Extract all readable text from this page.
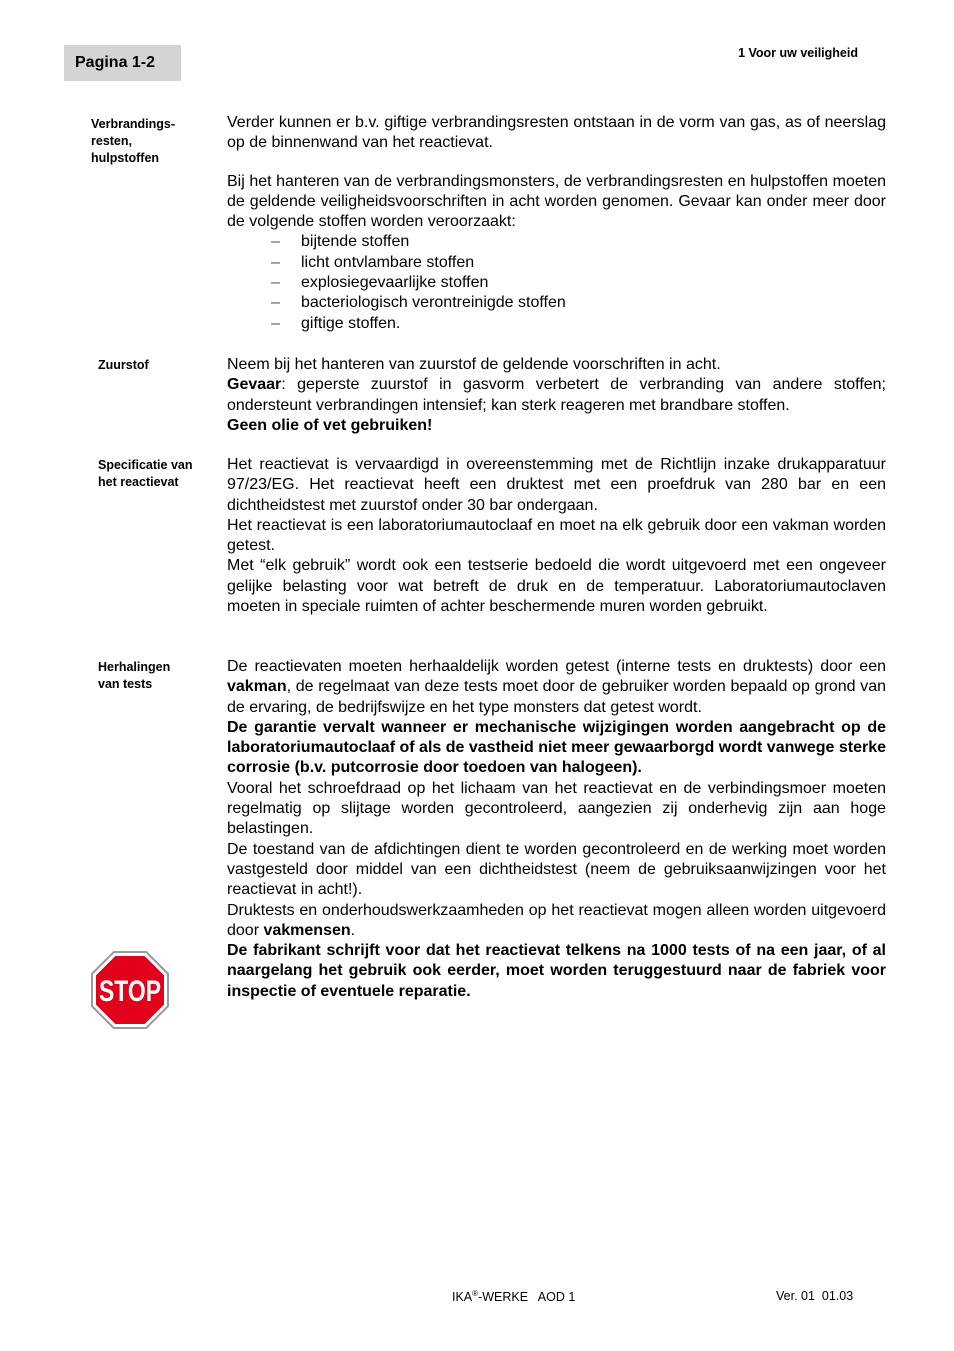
Pagina 1-2
1 Voor uw veiligheid
Verbrandings-
resten,
hulpstoffen

Verder kunnen er b.v. giftige verbrandingsresten ontstaan in de vorm van gas, as of neerslag op de binnenwand van het reactievat.

Bij het hanteren van de verbrandingsmonsters, de verbrandingsresten en hulpstoffen moeten de geldende veiligheidsvoorschriften in acht worden genomen. Gevaar kan onder meer door de volgende stoffen worden veroorzaakt:

– bijtende stoffen
– licht ontvlambare stoffen
– explosiegevaarlijke stoffen
– bacteriologisch verontreinigde stoffen
– giftige stoffen.
Zuurstof	Neem bij het hanteren van zuurstof de geldende voorschriften in acht.

Gevaar: geperste zuurstof in gasvorm verbetert de verbranding van andere stoffen; ondersteunt verbrandingen intensief; kan sterk reageren met brandbare stoffen.

Geen olie of vet gebruiken!

Specificatie van
het reactievat

Het reactievat is vervaardigd in overeenstemming met de Richtlijn inzake drukapparatuur 97/23/EG. Het reactievat heeft een druktest met een proefdruk van 280 bar en een dichtheidstest met zuurstof onder 30 bar ondergaan.

Het reactievat is een laboratoriumautoclaaf en moet na elk gebruik door een vakman worden getest.

Met “elk gebruik” wordt ook een testserie bedoeld die wordt uitgevoerd met een ongeveer gelijke belasting voor wat betreft de druk en de temperatuur. Laboratoriumautoclaven moeten in speciale ruimten of achter beschermende muren worden gebruikt.

Herhalingen
van tests

De reactievaten moeten herhaaldelijk worden getest (interne tests en druktests) door een vakman, de regelmaat van deze tests moet door de gebruiker worden bepaald op grond van de ervaring, de bedrijfswijze en het type monsters dat getest wordt.

De garantie vervalt wanneer er mechanische wijzigingen worden aangebracht op de laboratoriumautoclaaf of als de vastheid niet meer gewaarborgd wordt vanwege sterke corrosie (b.v. putcorrosie door toedoen van halogeen).

Vooral het schroefdraad op het lichaam van het reactievat en de verbindingsmoer moeten regelmatig op slijtage worden gecontroleerd, aangezien zij onderhevig zijn aan hoge belastingen.

De toestand van de afdichtingen dient te worden gecontroleerd en de werking moet worden vastgesteld door middel van een dichtheidstest (neem de gebruiksaanwijzingen voor het reactievat in acht!).

Druktests en onderhoudswerkzaamheden op het reactievat mogen alleen worden uitgevoerd door vakmensen.

De fabrikant schrijft voor dat het reactievat telkens na 1000 tests of na een jaar, of al naargelang het gebruik ook eerder, moet worden teruggestuurd naar de fabriek voor inspectie of eventuele reparatie.

STOP
IKA®-WERKE   AOD 1	Ver. 01  01.03
